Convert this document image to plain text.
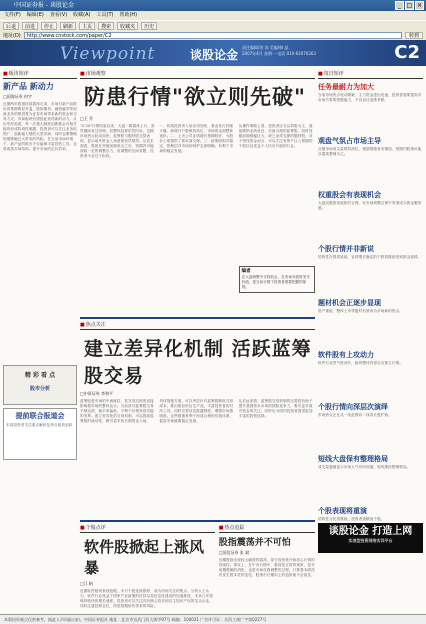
中国证券报 - 谈股论金	_ □ ×
文件(F) 编辑(E) 查看(V) 收藏(A) 工具(T) 帮助(H)
后退	前进	停止	刷新	主页	搜索	收藏夹	历史
地址(D)	http://www.cnstock.com/paper/C2	转到
Viewpoint	谈股论金
责任编辑/余 涛 美编/韩 晶
2007年4月 星期一 电话 010-63070263	C2
■ 板块短评
新产品 新动力
□国海证券 何宇
近期两市股指持续震荡走高，市场对新产品推出的预期明显升温，股指期货、融资融券等创新业务的推进将为证券市场带来新的资金和交易方式，券商板块有望因此获得新的动力。从历史经验看，每一次重大制度创新都会对相关板块形成阶段性刺激，投资者可以关注业务范围广、创新能力强的大型券商，同时也要警惕短期涨幅过大带来的风险。在当前市场环境下，新产品的推出不仅能够丰富投资工具，也将改善市场结构，提升市场的定价效率。
精 彩 看 点
股市分析
提前联合报道会
本周投资者关注重点解析及热点板块追踪
■ 市场观察
防患行情"欲立则先破"
□王 乔
"5·30"行情结束以来，大盘一路震荡上行，虽然期间有过回调，但整体趋势依然向好。近期市场热点轮动加快，蓝筹股与题材股交替表现，显示场外资金入场意愿依然强烈。从技术面看，股指在突破前期高点之后，短期内可能面临一定的调整压力，但调整的空间有限，投资者不必过于担忧。
一、机构投资者入场步伐加快，基金发行持续火爆，新增开户数维持高位，市场资金面整体宽松。二、上市公司业绩增长预期较好，为股价上涨提供了基本面支撑。三、政策面相对稳定，管理层对市场的呵护态度明确，有利于市场的稳定发展。
从操作策略上看，投资者应当以持股为主，逢低吸纳业绩优良、估值合理的蓝筹股，同时回避前期涨幅过大、缺乏业绩支撑的题材股。对于短线资金而言，可以关注有资产注入预期的个股以及受益于人民币升值的行业。
编者
在大盘调整中寻找机会，在市场分歧时坚守价值，是当前行情下投资者需要把握的原则。
■ 焦点关注
建立差异化机制 活跃蓝筹股交易
□中原证券 李和平
蓝筹股是市场的中流砥柱，其交易活跃度直接影响着市场的整体运行。当前部分蓝筹股交易不够活跃，换手率偏低，不利于价格发现功能的发挥。建立差异化的交易机制，可以提高蓝筹股的流动性，吸引更多的长期资金入场。
具体措施方面，可以考虑针对蓝筹股降低交易成本，推出相应的衍生产品，丰富投资者的对冲工具，同时完善信息披露制度，增强市场透明度。这些措施有利于形成合理的估值体系，促进市场健康稳定发展。
从长远来看，蓝筹股交易机制的完善将有助于提升我国资本市场的国际竞争力，吸引更多境外资金的关注，同时也为国内投资者提供更加丰富的投资选择。
■ 个股点评
软件股掀起上涨风暴
□江 帆
近期软件板块表现抢眼，多只个股连续涨停，成为市场关注的焦点。分析人士认为，软件行业受益于国家产业政策的扶持以及信息化建设的加速推进，未来几年将保持较快的增长速度。投资者可以关注具有核心技术和自主知识产权的龙头企业，同时注意控制仓位，防范短期炒作带来的风险。
■ 热点追踪
股指震荡并不可怕
□国信证券 张 斌
近期股指出现较大幅度的震荡，部分投资者开始担心行情的持续性。事实上，在牛市行情中，震荡是正常的现象，是对前期涨幅的消化，也是市场自我调整的过程。只要基本面没有发生根本性的变化，股指中长期向上的趋势就不会改变。
■ 每日短评
任务最耐力为加大
当前市场热点轮动频繁，主力资金进出迅速，投资者需要提高对市场节奏的把握能力，不宜盲目追涨杀跌。
观盘气氛占市场主导
近期市场成交量维持高位，观望情绪有所增加，短期内股指可能以震荡整理为主。
权重股会有表现机会
大盘权重股估值相对合理，在市场调整过程中有望成为资金避风港。
个股行情并非新说
结构性行情将延续，业绩增长确定的个股将继续受到资金追捧。
题材机会正逐步显现
资产重组、整体上市等题材有望成为市场新的热点。
软件股有上攻动力
软件行业景气度回升，板块整体有望走出独立行情。
个股行情向深层次演绎
市场热点正在从一线蓝筹向二线成长股扩散。
短线大盘保有整理格局
成交量萎缩显示市场人气有所回落，短线维持整理格局。
个股表现将重演
结构性分化将继续，投资者需精选个股。
谈股论金 打造上网
实战型投资网络实训平台
本版投资观点仅供参考，据此入市风险自担。中国证券报社 地址：北京市宣武门西大街甲97号 邮编：100031 广告许可证：京西工商广字第0227号
